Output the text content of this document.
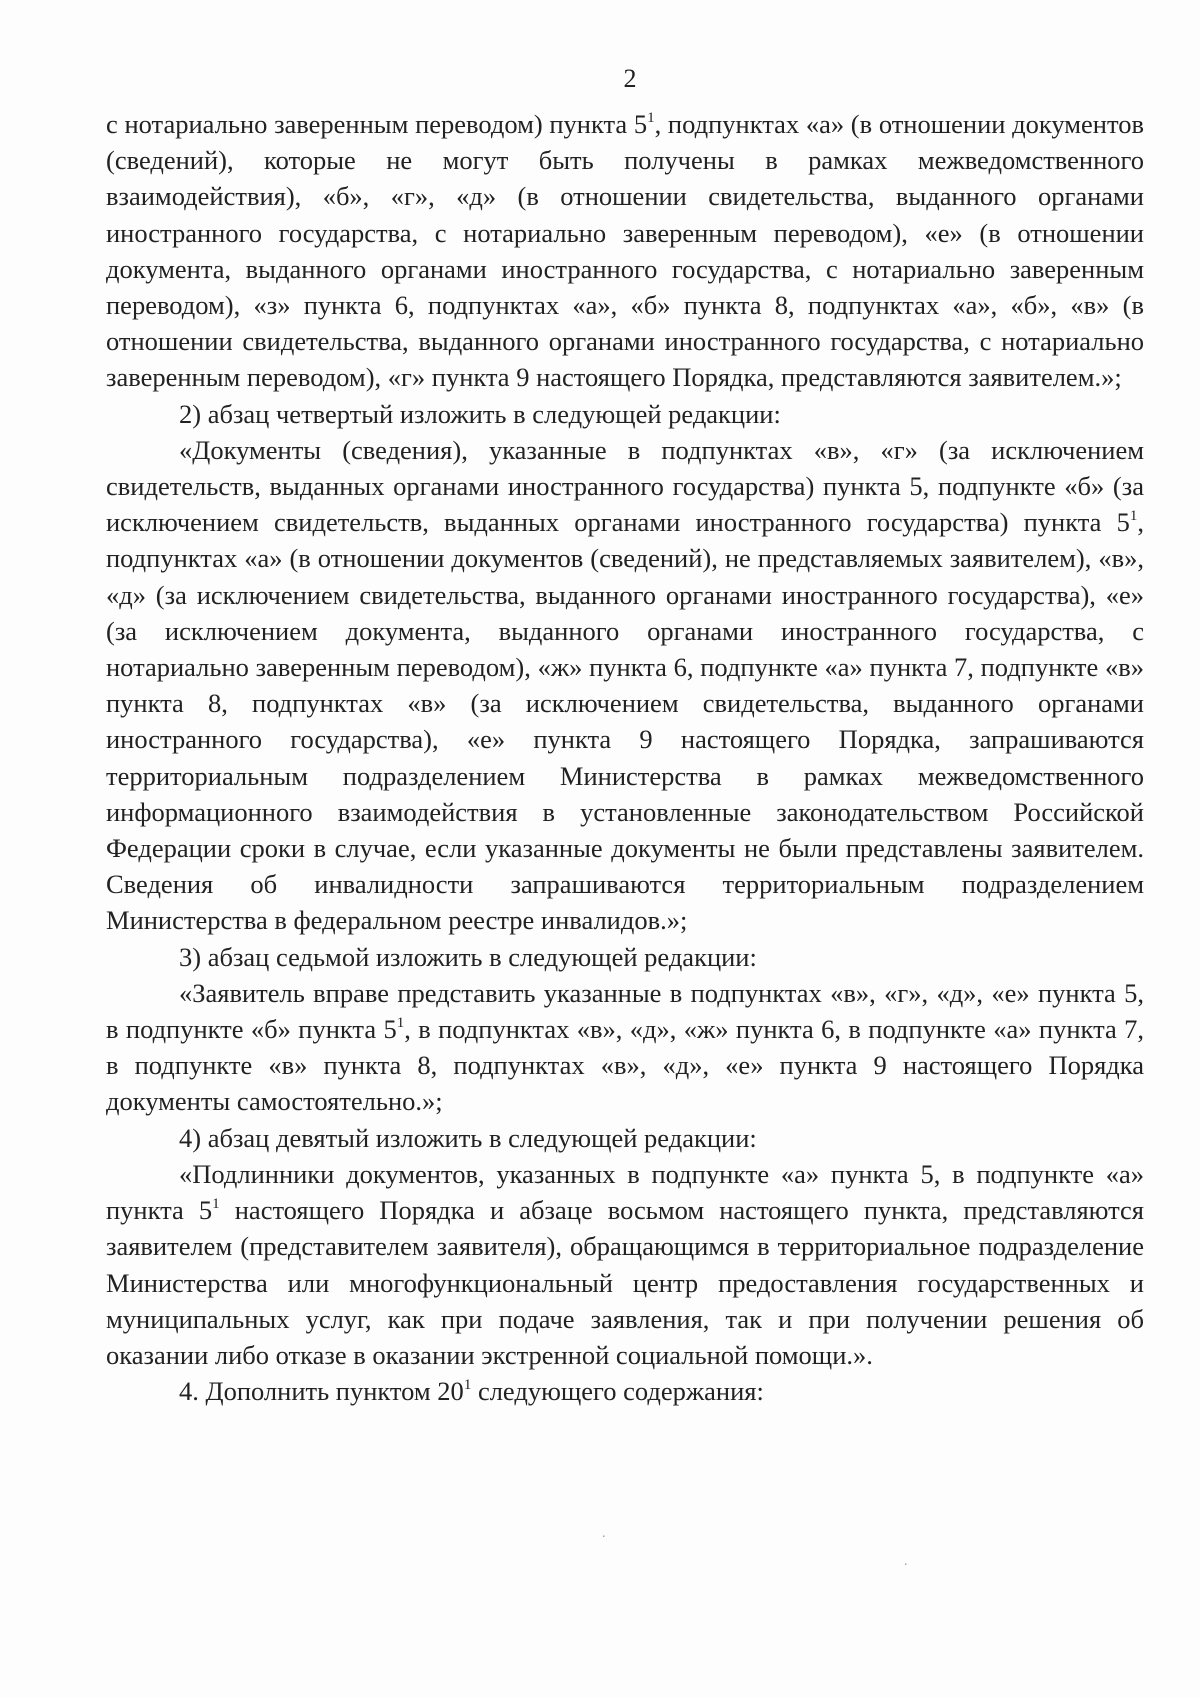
2

с нотариально заверенным переводом) пункта $5^1$, подпунктах «а» (в отношении документов (сведений), которые не могут быть получены в рамках межведомственного взаимодействия), «б», «г», «д» (в отношении свидетельства, выданного органами иностранного государства, с нотариально заверенным переводом), «е» (в отношении документа, выданного органами иностранного государства, с нотариально заверенным переводом), «з» пункта 6, подпунктах «а», «б» пункта 8, подпунктах «а», «б», «в» (в отношении свидетельства, выданного органами иностранного государства, с нотариально заверенным переводом), «г» пункта 9 настоящего Порядка, представляются заявителем.»;

2) абзац четвертый изложить в следующей редакции:

«Документы (сведения), указанные в подпунктах «в», «г» (за исключением свидетельств, выданных органами иностранного государства) пункта 5, подпункте «б» (за исключением свидетельств, выданных органами иностранного государства) пункта $5^1$, подпунктах «а» (в отношении документов (сведений), не представляемых заявителем), «в», «д» (за исключением свидетельства, выданного органами иностранного государства), «е» (за исключением документа, выданного органами иностранного государства, с нотариально заверенным переводом), «ж» пункта 6, подпункте «а» пункта 7, подпункте «в» пункта 8, подпунктах «в» (за исключением свидетельства, выданного органами иностранного государства), «е» пункта 9 настоящего Порядка, запрашиваются территориальным подразделением Министерства в рамках межведомственного информационного взаимодействия в установленные законодательством Российской Федерации сроки в случае, если указанные документы не были представлены заявителем. Сведения об инвалидности запрашиваются территориальным подразделением Министерства в федеральном реестре инвалидов.»;

3) абзац седьмой изложить в следующей редакции:

«Заявитель вправе представить указанные в подпунктах «в», «г», «д», «е» пункта 5, в подпункте «б» пункта $5^1$, в подпунктах «в», «д», «ж» пункта 6, в подпункте «а» пункта 7, в подпункте «в» пункта 8, подпунктах «в», «д», «е» пункта 9 настоящего Порядка документы самостоятельно.»;

4) абзац девятый изложить в следующей редакции:

«Подлинники документов, указанных в подпункте «а» пункта 5, в подпункте «а» пункта $5^1$ настоящего Порядка и абзаце восьмом настоящего пункта, представляются заявителем (представителем заявителя), обращающимся в территориальное подразделение Министерства или многофункциональный центр предоставления государственных и муниципальных услуг, как при подаче заявления, так и при получении решения об оказании либо отказе в оказании экстренной социальной помощи.».

4. Дополнить пунктом $20^1$ следующего содержания:

.
.
